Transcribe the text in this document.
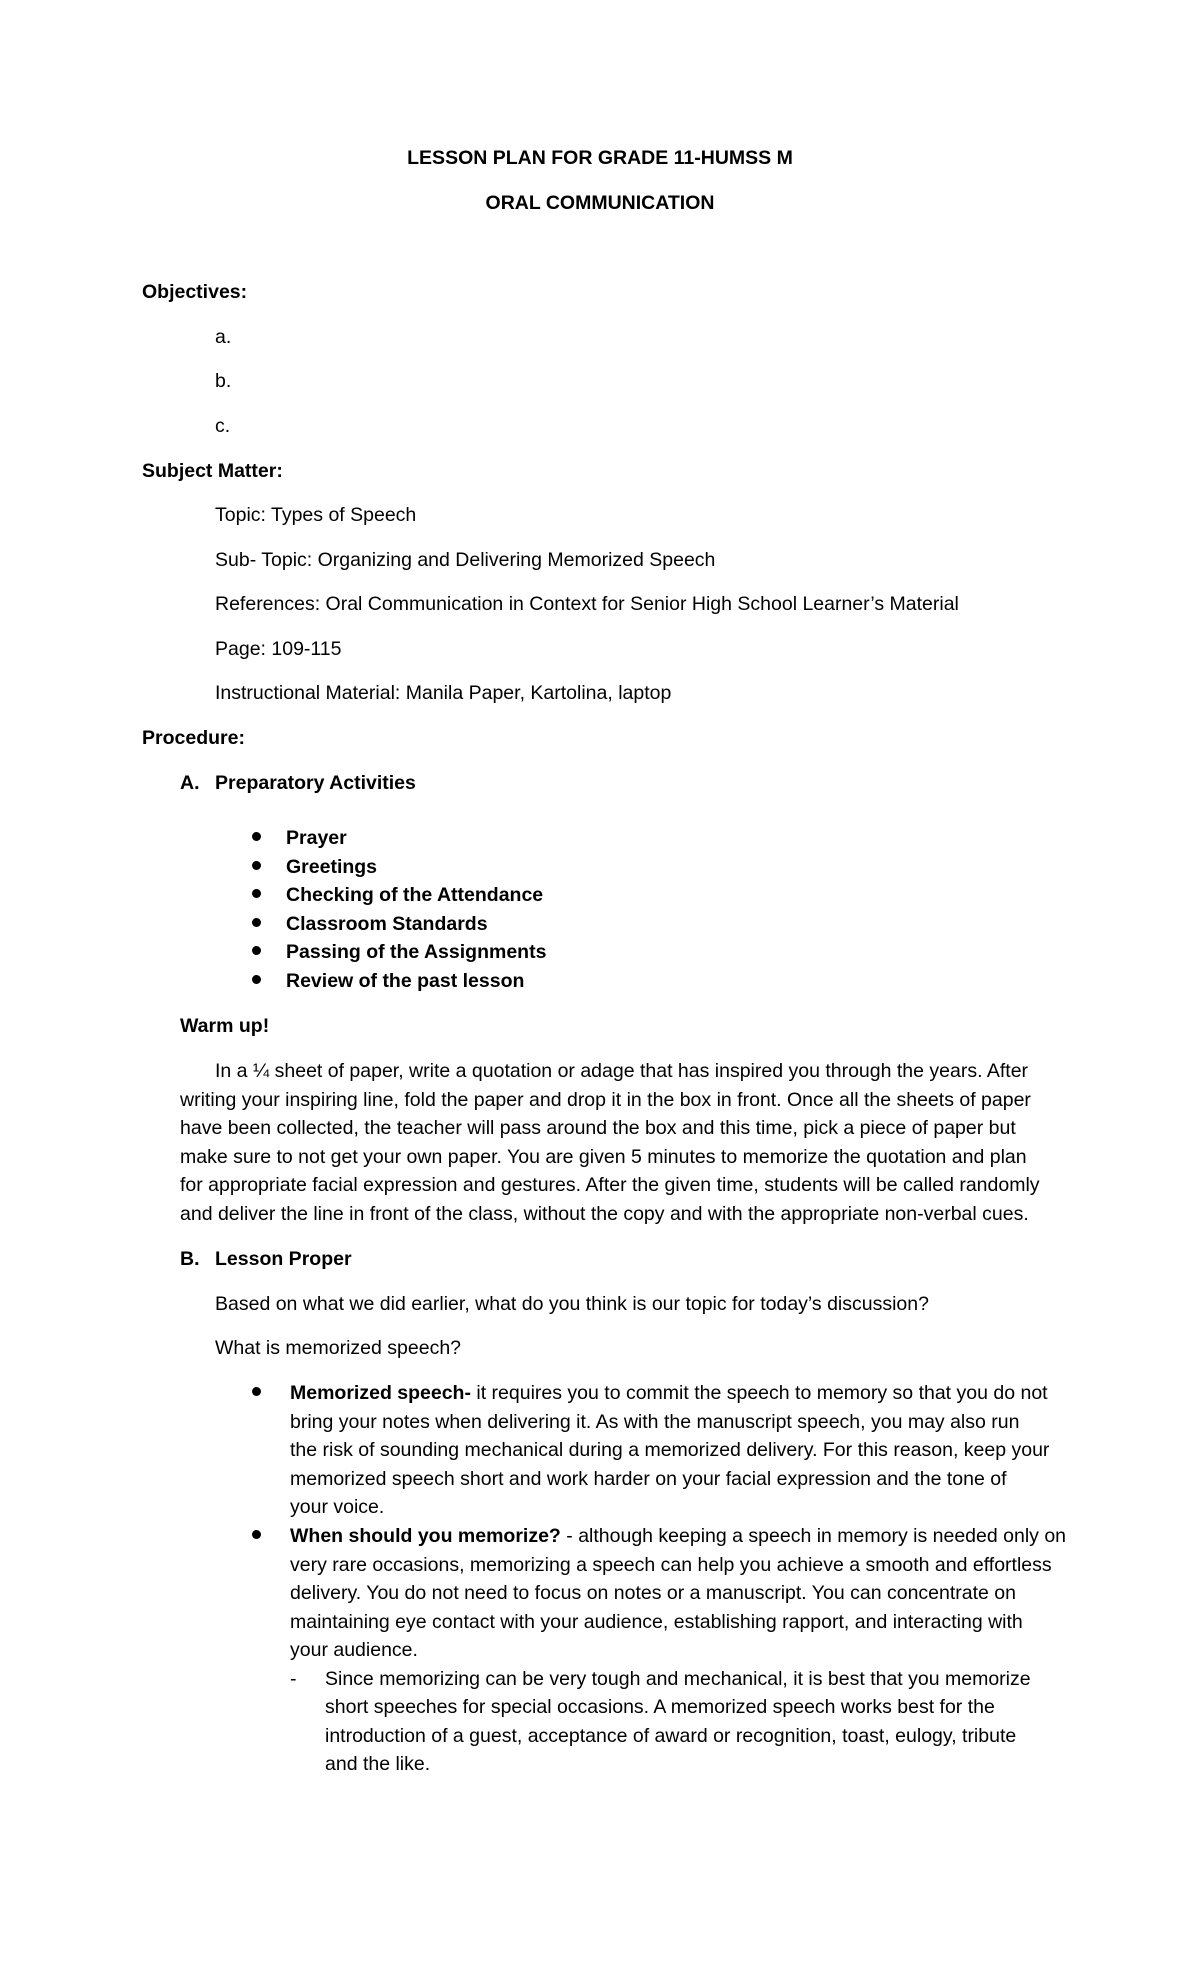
LESSON PLAN FOR GRADE 11-HUMSS M
ORAL COMMUNICATION
Objectives:
a.
b.
c.
Subject Matter:
Topic: Types of Speech
Sub- Topic: Organizing and Delivering Memorized Speech
References: Oral Communication in Context for Senior High School Learner’s Material
Page: 109-115
Instructional Material: Manila Paper, Kartolina, laptop
Procedure:
A. Preparatory Activities
Prayer
Greetings
Checking of the Attendance
Classroom Standards
Passing of the Assignments
Review of the past lesson
Warm up!
In a ¼ sheet of paper, write a quotation or adage that has inspired you through the years. After
writing your inspiring line, fold the paper and drop it in the box in front. Once all the sheets of paper
have been collected, the teacher will pass around the box and this time, pick a piece of paper but
make sure to not get your own paper. You are given 5 minutes to memorize the quotation and plan
for appropriate facial expression and gestures. After the given time, students will be called randomly
and deliver the line in front of the class, without the copy and with the appropriate non-verbal cues.
B. Lesson Proper
Based on what we did earlier, what do you think is our topic for today’s discussion?
What is memorized speech?
Memorized speech- it requires you to commit the speech to memory so that you do not
bring your notes when delivering it. As with the manuscript speech, you may also run
the risk of sounding mechanical during a memorized delivery. For this reason, keep your
memorized speech short and work harder on your facial expression and the tone of
your voice.
When should you memorize? - although keeping a speech in memory is needed only on
very rare occasions, memorizing a speech can help you achieve a smooth and effortless
delivery. You do not need to focus on notes or a manuscript. You can concentrate on
maintaining eye contact with your audience, establishing rapport, and interacting with
your audience.
- Since memorizing can be very tough and mechanical, it is best that you memorize
short speeches for special occasions. A memorized speech works best for the
introduction of a guest, acceptance of award or recognition, toast, eulogy, tribute
and the like.
